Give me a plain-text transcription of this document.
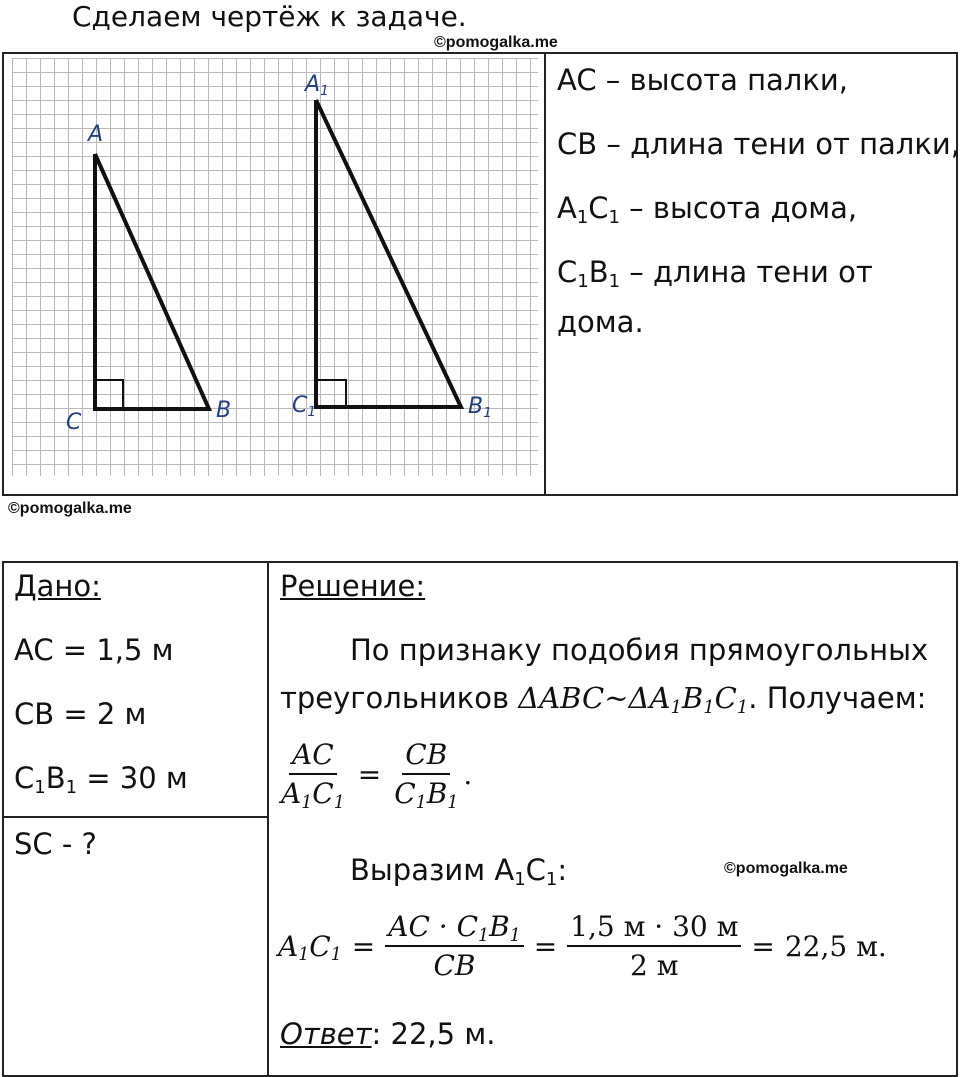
Сделаем чертёж к задаче.
©pomogalka.me
A
C	B
A1
C1	B1
AC – высота палки,
CB – длина тени от палки,
A1C1 – высота дома,
C1B1 – длина тени от
дома.
©pomogalka.me
Дано:
AC = 1,5 м
CB = 2 м
C1B1 = 30 м
SC - ?
Решение:
По признаку подобия прямоугольных
треугольников ΔABC~ΔA1B1C1. Получаем:
$\frac{AC}{A1C1} = \frac{CB}{C1B1}$ .
Выразим A1C1:	©pomogalka.me
$A1C1 = \frac{AC \cdot C1B1}{CB} = \frac{1,5 м \cdot 30 м}{2 м} = 22,5$ м.
Ответ: 22,5 м.
